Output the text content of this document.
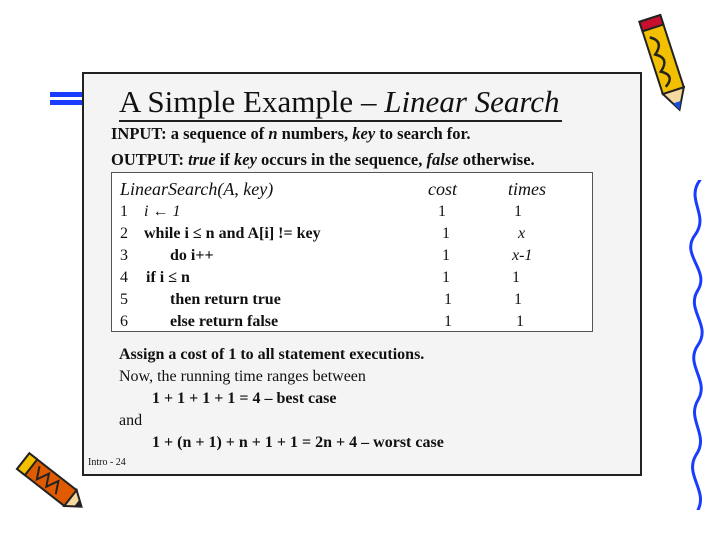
A Simple Example – Linear Search
INPUT: a sequence of n numbers, key to search for.
OUTPUT: true if key occurs in the sequence, false otherwise.
LinearSearch(A, key)	cost	times
1 i ← 1	1	1
2 while i ≤ n and A[i] != key	1	x
3	do i++	1	x-1
4 if i ≤ n	1	1
5	then return true	1	1
6	else return false	1	1
Assign a cost of 1 to all statement executions.
Now, the running time ranges between
1 + 1 + 1 + 1 = 4 – best case
and
1 + (n + 1) + n + 1 + 1 = 2n + 4 – worst case
Intro - 24
